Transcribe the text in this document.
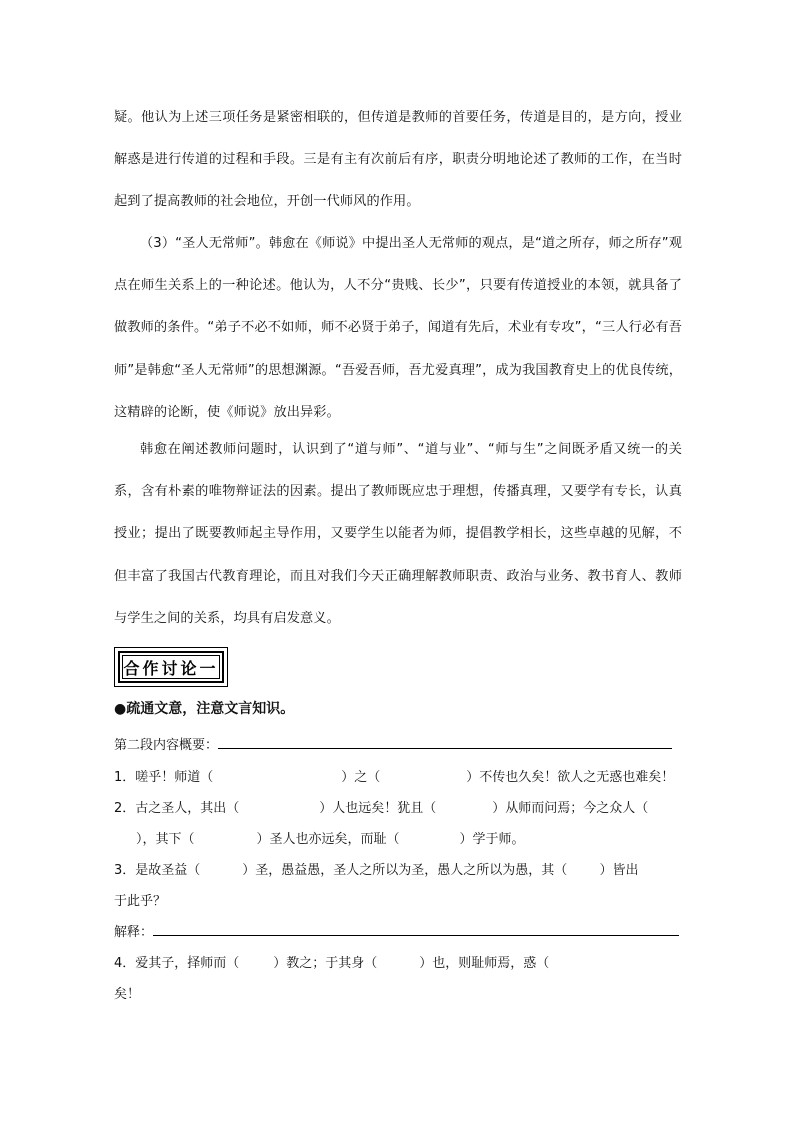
疑。他认为上述三项任务是紧密相联的，但传道是教师的首要任务，传道是目的，是方向，授业解惑是进行传道的过程和手段。三是有主有次前后有序，职责分明地论述了教师的工作，在当时起到了提高教师的社会地位，开创一代师风的作用。

（3）“圣人无常师”。韩愈在《师说》中提出圣人无常师的观点，是“道之所存，师之所存”观点在师生关系上的一种论述。他认为，人不分“贵贱、长少”，只要有传道授业的本领，就具备了做教师的条件。“弟子不必不如师，师不必贤于弟子，闻道有先后，术业有专攻”，“三人行必有吾师”是韩愈“圣人无常师”的思想渊源。“吾爱吾师，吾尤爱真理”，成为我国教育史上的优良传统，这精辟的论断，使《师说》放出异彩。

韩愈在阐述教师问题时，认识到了“道与师”、“道与业”、“师与生”之间既矛盾又统一的关系，含有朴素的唯物辩证法的因素。提出了教师既应忠于理想，传播真理，又要学有专长，认真授业；提出了既要教师起主导作用，又要学生以能者为师，提倡教学相长，这些卓越的见解，不但丰富了我国古代教育理论，而且对我们今天正确理解教师职责、政治与业务、教书育人、教师与学生之间的关系，均具有启发意义。

合作讨论一
●疏通文意，注意文言知识。
第二段内容概要：
1．嗟乎！师道（	）之（	）不传也久矣！欲人之无惑也难矣！
2．古之圣人，其出（	）人也远矣！犹且（	）从师而问焉；今之众人（
），其下（	）圣人也亦远矣，而耻（	）学于师。
3．是故圣益（	）圣，愚益愚，圣人之所以为圣，愚人之所以为愚，其（ ）皆出
于此乎？
解释：
4．爱其子，择师而（	）教之；于其身（	）也，则耻师焉，惑（
矣！
